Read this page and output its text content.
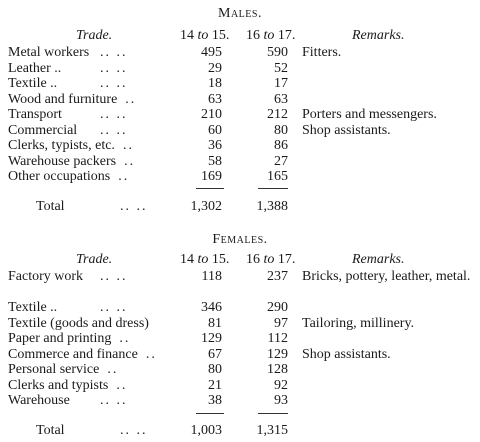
Males.
Trade.	14 to 15. 16 to 17.	Remarks.
Metal workers .. ..	495	590 Fitters.
Leather ..	.. ..	29	52
Textile ..	.. ..	18	17
Wood and furniture ..	63	63
Transport	.. ..	210	212 Porters and messengers.
Commercial .. ..	60	80 Shop assistants.
Clerks, typists, etc. ..	36	86
Warehouse packers ..	58	27
Other occupations ..	169	165
Total	.. ..	1,302	1,388
Females.
Trade.	14 to 15. 16 to 17.	Remarks.
Factory work .. ..	118	237 Bricks, pottery, leather, metal.
Textile ..	.. ..	346	290
Textile (goods and dress)	81	97 Tailoring, millinery.
Paper and printing ..	129	112
Commerce and finance ..	67	129 Shop assistants.
Personal service ..	80	128
Clerks and typists ..	21	92
Warehouse .. ..	38	93
Total	.. ..	1,003	1,315
